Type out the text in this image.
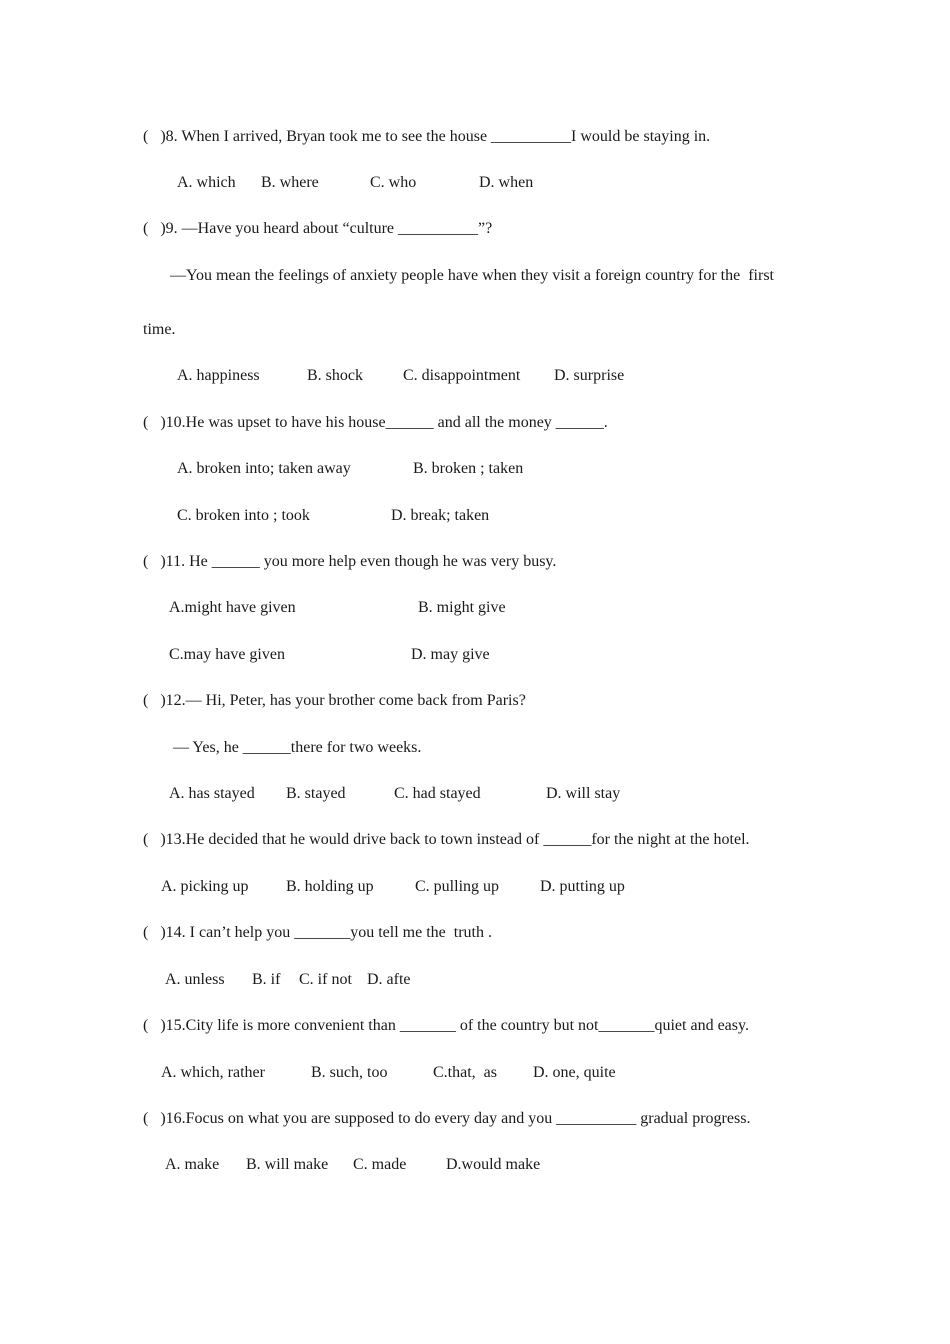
(   )8. When I arrived, Bryan took me to see the house __________I would be staying in.
A. which B. where	C. who	D. when
(   )9. —Have you heard about “culture __________”?
—You mean the feelings of anxiety people have when they visit a foreign country for the  first
time.
A. happiness	B. shock	C. disappointment D. surprise
(   )10.He was upset to have his house______ and all the money ______.
A. broken into; taken away	B. broken ; taken
C. broken into ; took	D. break; taken
(   )11. He ______ you more help even though he was very busy.
A.might have given	B. might give
C.may have given	D. may give
(   )12.— Hi, Peter, has your brother come back from Paris?
— Yes, he ______there for two weeks.
A. has stayed B. stayed	C. had stayed	D. will stay
(   )13.He decided that he would drive back to town instead of ______for the night at the hotel.
A. picking up B. holding up	C. pulling up	D. putting up
(   )14. I can’t help you _______you tell me the  truth .
A. unless B. if C. if not D. afte
(   )15.City life is more convenient than _______ of the country but not_______quiet and easy.
A. which, rather	B. such, too	C.that,  as D. one, quite
(   )16.Focus on what you are supposed to do every day and you __________ gradual progress.
A. make B. will make C. made D.would make
